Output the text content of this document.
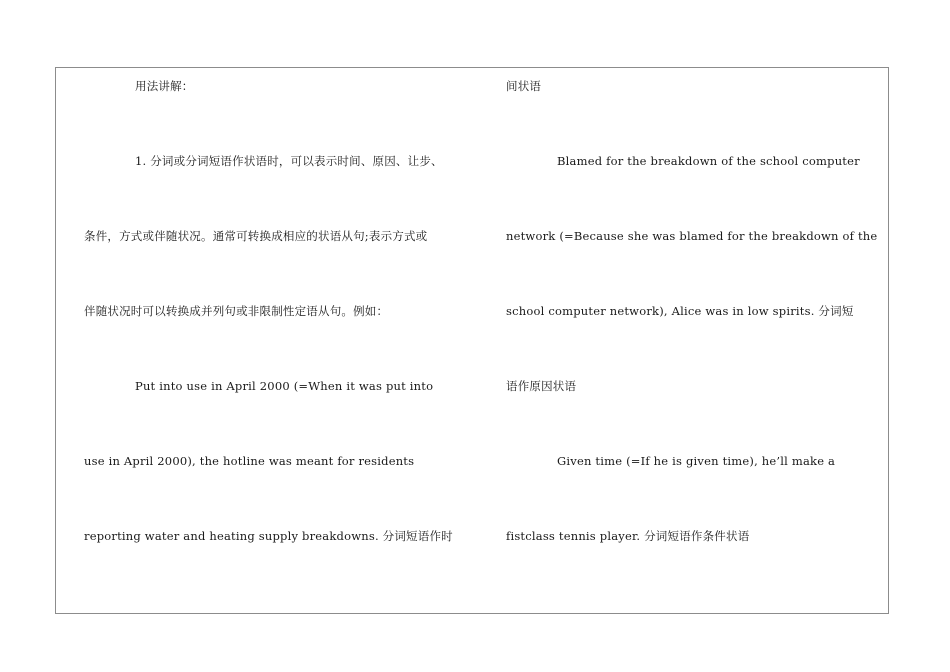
用法讲解：
1. 分词或分词短语作状语时，可以表示时间、原因、让步、
条件，方式或伴随状况。通常可转换成相应的状语从句;表示方式或
伴随状况时可以转换成并列句或非限制性定语从句。例如：
Put into use in April 2000 (=When it was put into
use in April 2000), the hotline was meant for residents
reporting water and heating supply breakdowns. 分词短语作时
间状语
Blamed for the breakdown of the school computer
network (=Because she was blamed for the breakdown of the
school computer network), Alice was in low spirits. 分词短
语作原因状语
Given time (=If he is given time), he’ll make a
fistclass tennis player. 分词短语作条件状语
